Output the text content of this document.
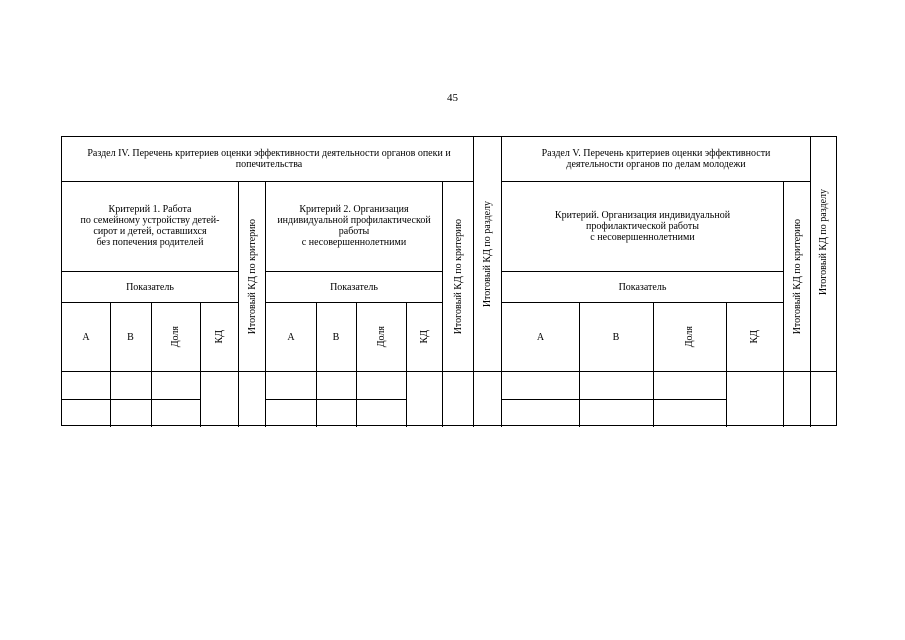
45
Раздел IV. Перечень критериев оценки эффективности деятельности органов опеки и попечительства
Критерий 1. Работа
по семейному устройству детей-
сирот и детей, оставшихся
без попечения родителей
Показатель
А	В	Доля	КД
Итоговый КД по критерию
Критерий 2. Организация
индивидуальной профилактической
работы
с несовершеннолетними
Показатель
А	В	Доля	КД
Итоговый КД по критерию Итоговый КД по разделу
Раздел V. Перечень критериев оценки эффективности деятельности органов по делам молодежи
Критерий. Организация индивидуальной
профилактической работы
с несовершеннолетними
Показатель
А	В	Доля	КД
Итоговый КД по критерию Итоговый КД по разделу
